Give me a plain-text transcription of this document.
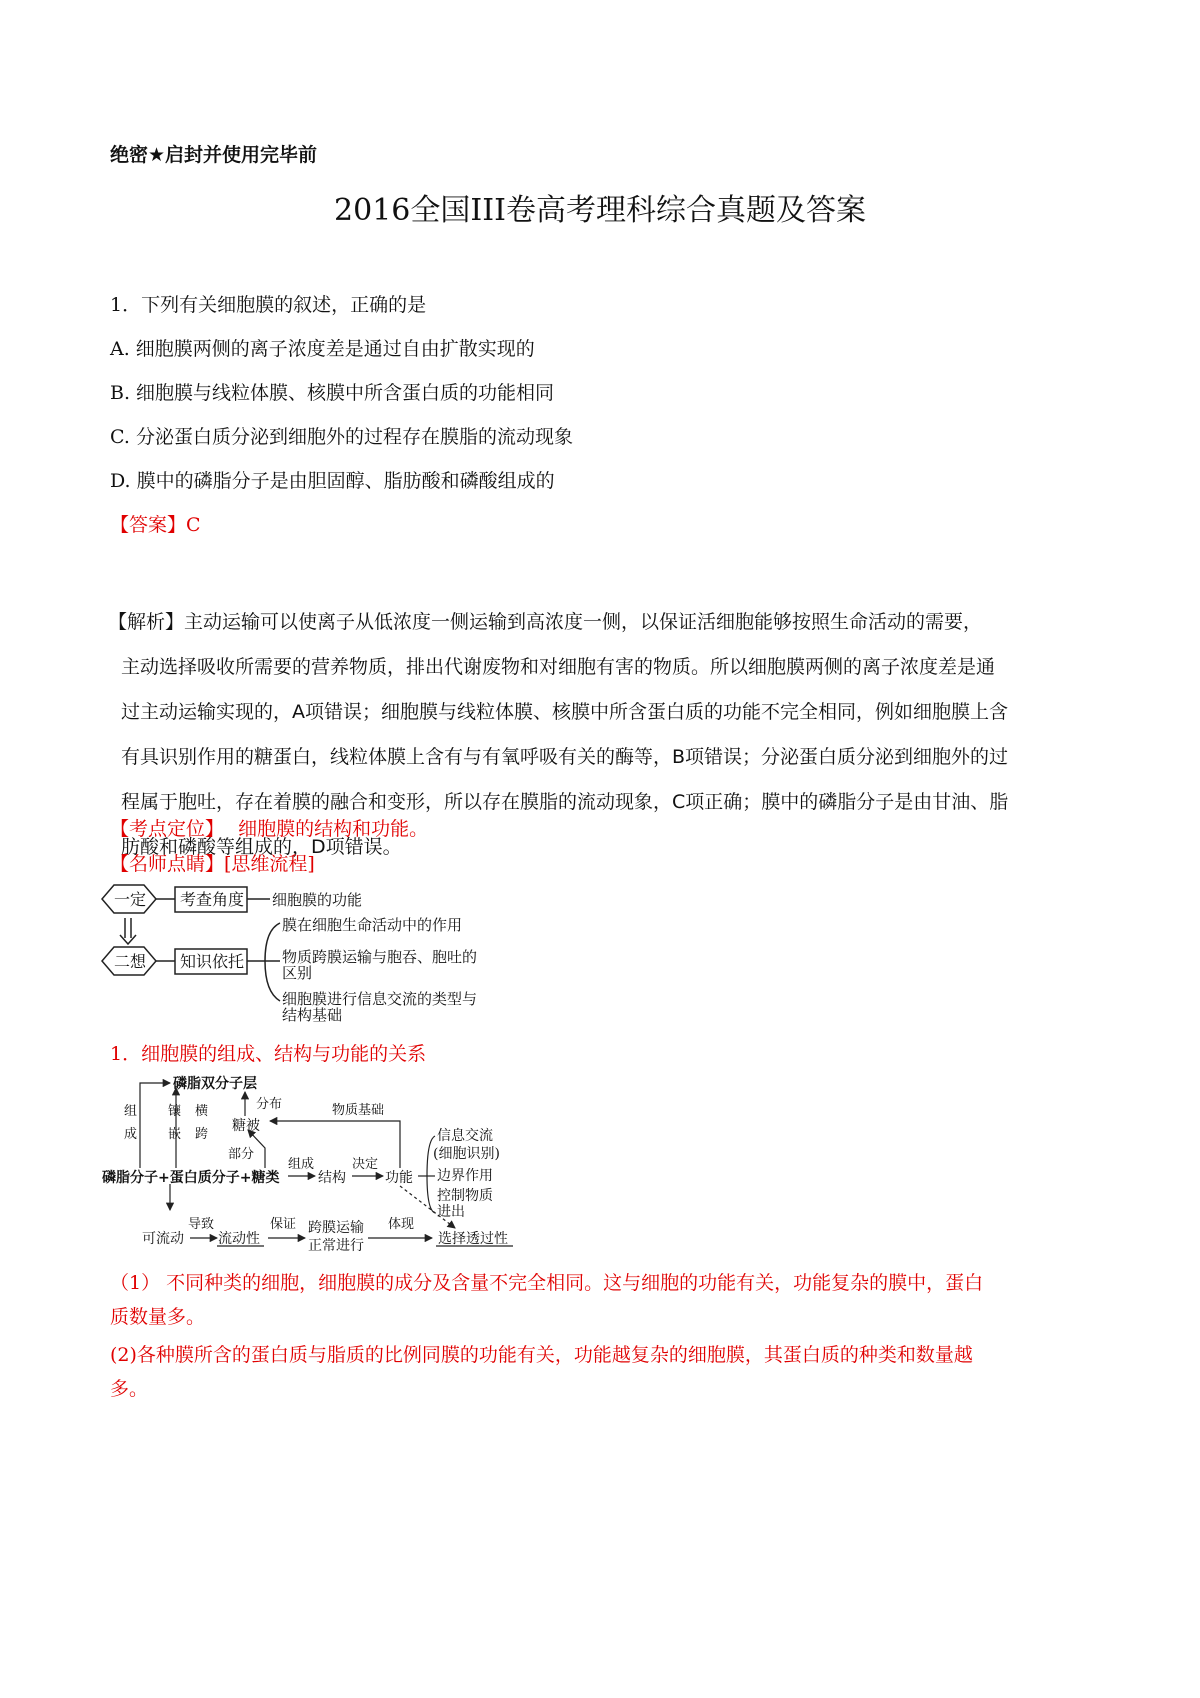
绝密★启封并使用完毕前
2016全国III卷高考理科综合真题及答案
1．下列有关细胞膜的叙述，正确的是
A. 细胞膜两侧的离子浓度差是通过自由扩散实现的
B. 细胞膜与线粒体膜、核膜中所含蛋白质的功能相同
C. 分泌蛋白质分泌到细胞外的过程存在膜脂的流动现象
D. 膜中的磷脂分子是由胆固醇、脂肪酸和磷酸组成的
【答案】C

【解析】主动运输可以使离子从低浓度一侧运输到高浓度一侧，以保证活细胞能够按照生命活动的需要，

主动选择吸收所需要的营养物质，排出代谢废物和对细胞有害的物质。所以细胞膜两侧的离子浓度差是通

过主动运输实现的，A项错误；细胞膜与线粒体膜、核膜中所含蛋白质的功能不完全相同，例如细胞膜上含

有具识别作用的糖蛋白，线粒体膜上含有与有氧呼吸有关的酶等，B项错误；分泌蛋白质分泌到细胞外的过

程属于胞吐，存在着膜的融合和变形，所以存在膜脂的流动现象，C项正确；膜中的磷脂分子是由甘油、脂

肪酸和磷酸等组成的，D项错误。

【考点定位】 细胞膜的结构和功能。
【名师点睛】[思维流程]
一定
二想
考查角度
知识依托
细胞膜的功能
膜在细胞生命活动中的作用
物质跨膜运输与胞吞、胞吐的
区别
细胞膜进行信息交流的类型与
结构基础
1．细胞膜的组成、结构与功能的关系
磷脂双分子层
组
成
镶
嵌
横
跨
分布	物质基础
糖被
部分
磷脂分子+蛋白质分子+糖类
组成
结构
决定
功能
信息交流
(细胞识别)
边界作用
控制物质
进出
可流动
导致
流动性
保证 跨膜运输
正常进行
体现
选择透过性

（1） 不同种类的细胞，细胞膜的成分及含量不完全相同。这与细胞的功能有关，功能复杂的膜中，蛋白

质数量多。

(2)各种膜所含的蛋白质与脂质的比例同膜的功能有关，功能越复杂的细胞膜，其蛋白质的种类和数量越

多。
